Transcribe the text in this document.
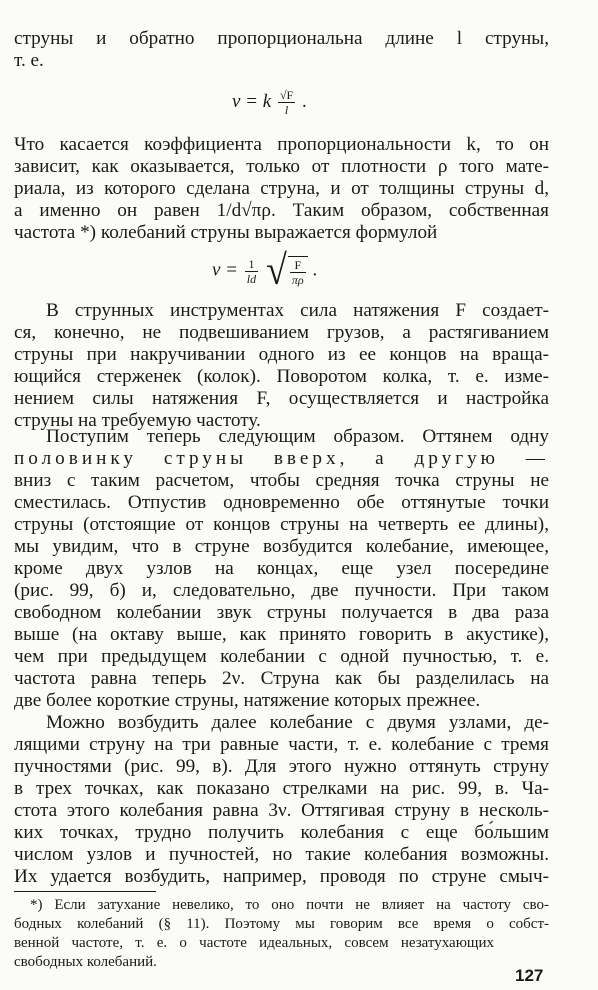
струны и обратно пропорциональна длине l струны,
т. е.
ν = k $\frac{√F}{l}$ .
Что касается коэффициента пропорциональности k, то он
зависит, как оказывается, только от плотности ρ того мате-
риала, из которого сделана струна, и от толщины струны d,
а именно он равен 1/d√πρ. Таким образом, собственная
частота *) колебаний струны выражается формулой
$\nu = \frac{1}{ld}$ √ $\frac{F}{\pi\rho}$ .
В струнных инструментах сила натяжения F создает-
ся, конечно, не подвешиванием грузов, а растягиванием
струны при накручивании одного из ее концов на враща-
ющийся стерженек (колок). Поворотом колка, т. е. изме-
нением силы натяжения F, осуществляется и настройка
струны на требуемую частоту.
Поступим теперь следующим образом. Оттянем одну
половинку струны вверх, а другую —
вниз с таким расчетом, чтобы средняя точка струны не
сместилась. Отпустив одновременно обе оттянутые точки
струны (отстоящие от концов струны на четверть ее длины),
мы увидим, что в струне возбудится колебание, имеющее,
кроме двух узлов на концах, еще узел посередине
(рис. 99, б) и, следовательно, две пучности. При таком
свободном колебании звук струны получается в два раза
выше (на октаву выше, как принято говорить в акустике),
чем при предыдущем колебании с одной пучностью, т. е.
частота равна теперь 2ν. Струна как бы разделилась на
две более короткие струны, натяжение которых прежнее.
Можно возбудить далее колебание с двумя узлами, де-
лящими струну на три равные части, т. е. колебание с тремя
пучностями (рис. 99, в). Для этого нужно оттянуть струну
в трех точках, как показано стрелками на рис. 99, в. Ча-
стота этого колебания равна 3ν. Оттягивая струну в несколь-
ких точках, трудно получить колебания с еще бо́льшим
числом узлов и пучностей, но такие колебания возможны.
Их удается возбудить, например, проводя по струне смыч-
*) Если затухание невелико, то оно почти не влияет на частоту сво-
бодных колебаний (§ 11). Поэтому мы говорим все время о собст-
венной частоте, т. е. о частоте идеальных, совсем незатухающих
свободных колебаний.
127
